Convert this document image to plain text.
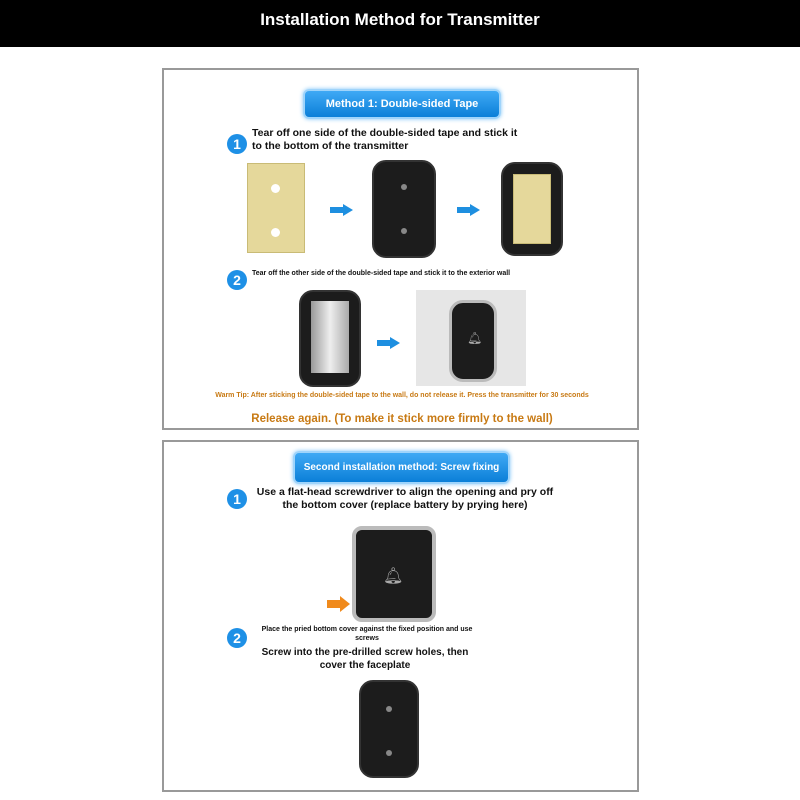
Installation Method for Transmitter
Method 1: Double-sided Tape
1
Tear off one side of the double-sided tape and stick it to the bottom of the transmitter
2	Tear off the other side of the double-sided tape and stick it to the exterior wall
🔔︎
Warm Tip: After sticking the double-sided tape to the wall, do not release it. Press the transmitter for 30 seconds
Release again. (To make it stick more firmly to the wall)
Second installation method: Screw fixing
1	Use a flat-head screwdriver to align the opening and pry off the bottom cover (replace battery by prying here)
🔔︎
2
Place the pried bottom cover against the fixed position and use screws
Screw into the pre-drilled screw holes, then cover the faceplate
